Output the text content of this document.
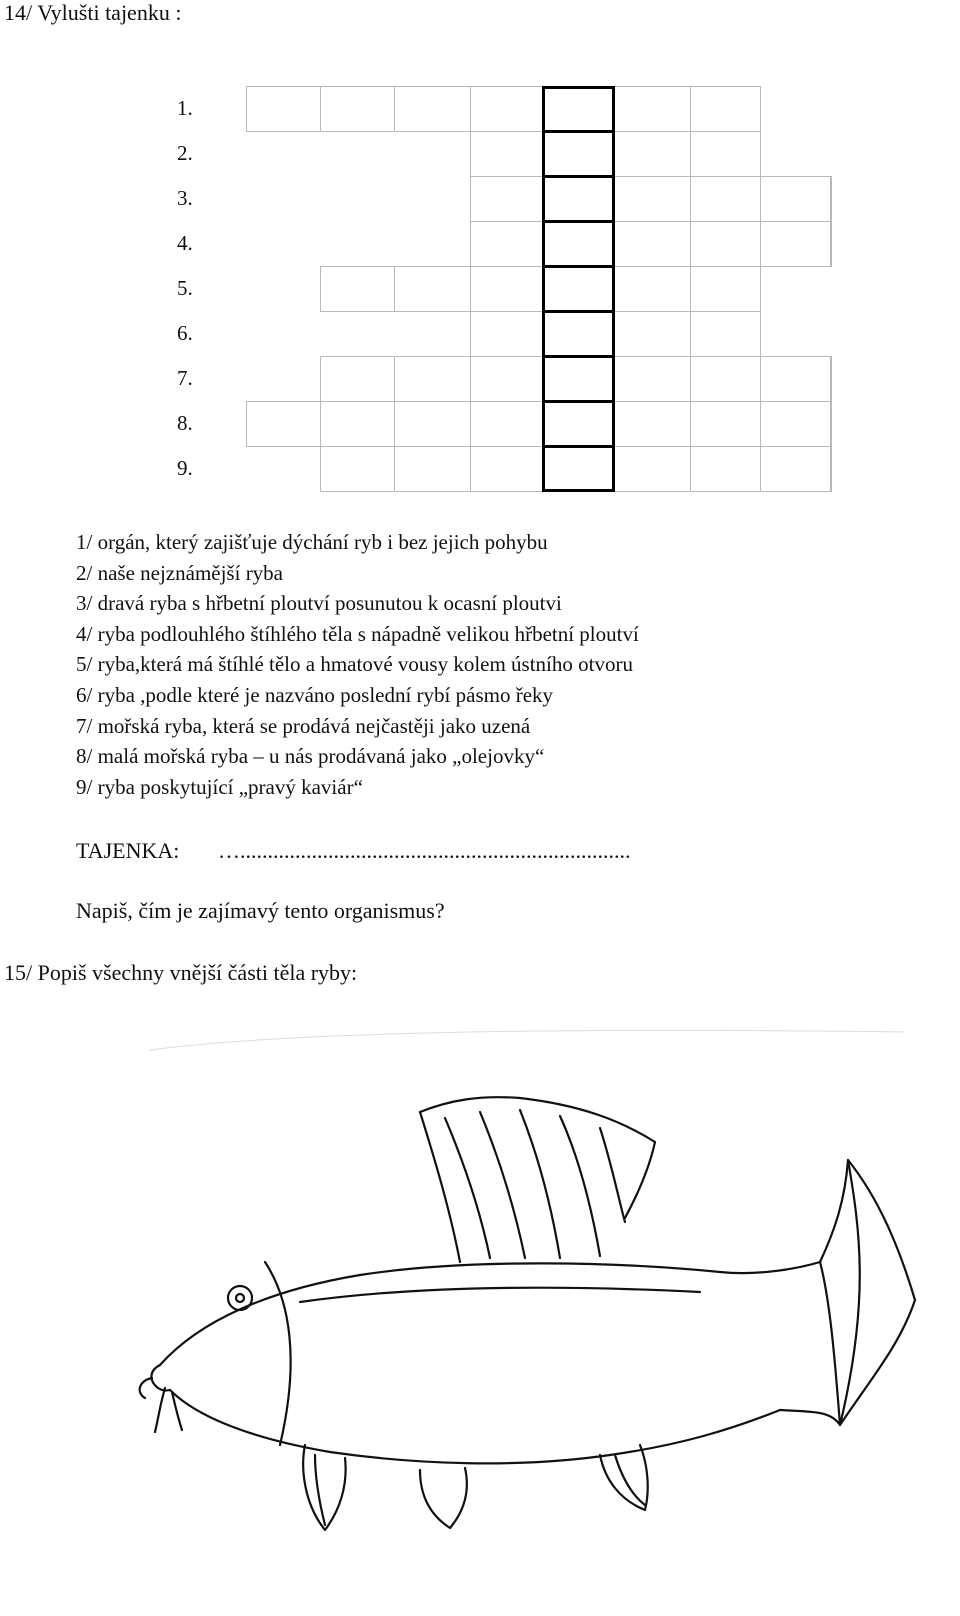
14/ Vylušti tajenku :
1.
2.
3.
4.
5.
6.
7.
8.
9.
1/ orgán, který zajišťuje dýchání ryb i bez jejich pohybu
2/ naše nejznámější ryba
3/ dravá ryba s hřbetní ploutví posunutou k ocasní ploutvi
4/ ryba podlouhlého štíhlého těla s nápadně velikou hřbetní ploutví
5/ ryba,která má štíhlé tělo a hmatové vousy kolem ústního otvoru
6/ ryba ,podle které je nazváno poslední rybí pásmo řeky
7/ mořská ryba, která se prodává nejčastěji jako uzená
8/ malá mořská ryba – u nás prodávaná jako „olejovky“
9/ ryba poskytující „pravý kaviár“
TAJENKA: ….......................................................................
Napiš, čím je zajímavý tento organismus?
15/ Popiš všechny vnější části těla ryby:
